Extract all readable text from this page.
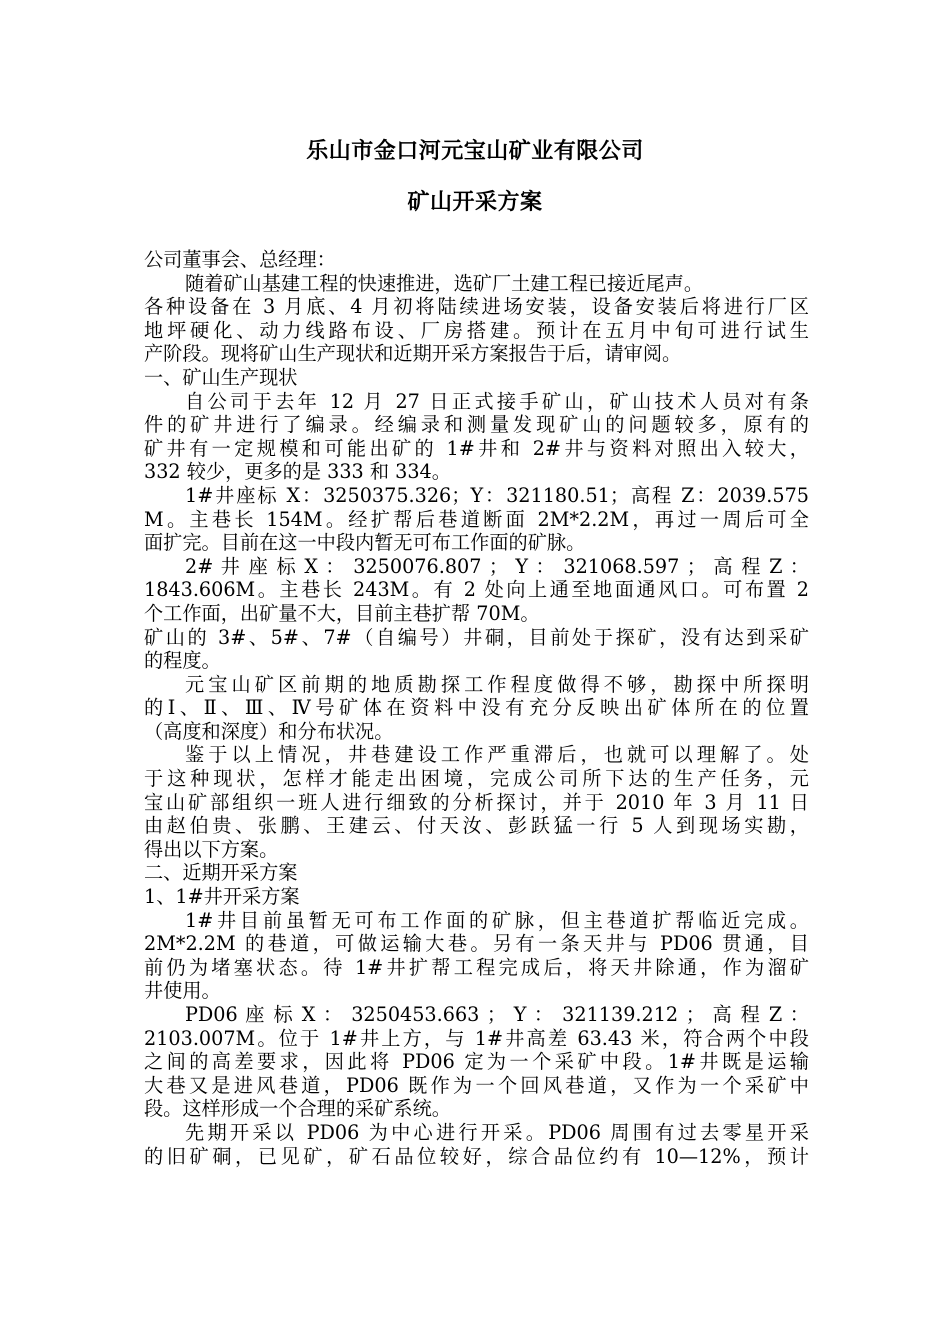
乐山市金口河元宝山矿业有限公司
矿山开采方案
公司董事会、总经理：
随着矿山基建工程的快速推进，选矿厂土建工程已接近尾声。
各种设备在 3 月底、4 月初将陆续进场安装，设备安装后将进行厂区
地坪硬化、动力线路布设、厂房搭建。预计在五月中旬可进行试生
产阶段。现将矿山生产现状和近期开采方案报告于后，请审阅。
一、矿山生产现状
自公司于去年 12 月 27 日正式接手矿山，矿山技术人员对有条
件的矿井进行了编录。经编录和测量发现矿山的问题较多，原有的
矿井有一定规模和可能出矿的 1#井和 2#井与资料对照出入较大，
332 较少，更多的是 333 和 334。
1#井座标 X：3250375.326；Y：321180.51；高程 Z：2039.575
M。主巷长 154M。经扩帮后巷道断面 2M*2.2M，再过一周后可全
面扩完。目前在这一中段内暂无可布工作面的矿脉。
2# 井 座 标 X ： 3250076.807 ； Y ： 321068.597 ； 高 程 Z ：
1843.606M。主巷长 243M。有 2 处向上通至地面通风口。可布置 2
个工作面，出矿量不大，目前主巷扩帮 70M。
矿山的 3#、5#、7#（自编号）井硐，目前处于探矿，没有达到采矿
的程度。
元宝山矿区前期的地质勘探工作程度做得不够，勘探中所探明
的Ⅰ、Ⅱ、Ⅲ、Ⅳ号矿体在资料中没有充分反映出矿体所在的位置
（高度和深度）和分布状况。
鉴于以上情况，井巷建设工作严重滞后，也就可以理解了。处
于这种现状，怎样才能走出困境，完成公司所下达的生产任务，元
宝山矿部组织一班人进行细致的分析探讨，并于 2010 年 3 月 11 日
由赵伯贵、张鹏、王建云、付天汝、彭跃猛一行 5 人到现场实勘，
得出以下方案。
二、近期开采方案
1、1#井开采方案
1#井目前虽暂无可布工作面的矿脉，但主巷道扩帮临近完成。
2M*2.2M 的巷道，可做运输大巷。另有一条天井与 PD06 贯通，目
前仍为堵塞状态。待 1#井扩帮工程完成后，将天井除通，作为溜矿
井使用。
PD06 座 标 X ： 3250453.663 ； Y ： 321139.212 ； 高 程 Z ：
2103.007M。位于 1#井上方，与 1#井高差 63.43 米，符合两个中段
之间的高差要求，因此将 PD06 定为一个采矿中段。1#井既是运输
大巷又是进风巷道，PD06 既作为一个回风巷道，又作为一个采矿中
段。这样形成一个合理的采矿系统。
先期开采以 PD06 为中心进行开采。PD06 周围有过去零星开采
的旧矿硐，已见矿，矿石品位较好，综合品位约有 10—12%，预计
